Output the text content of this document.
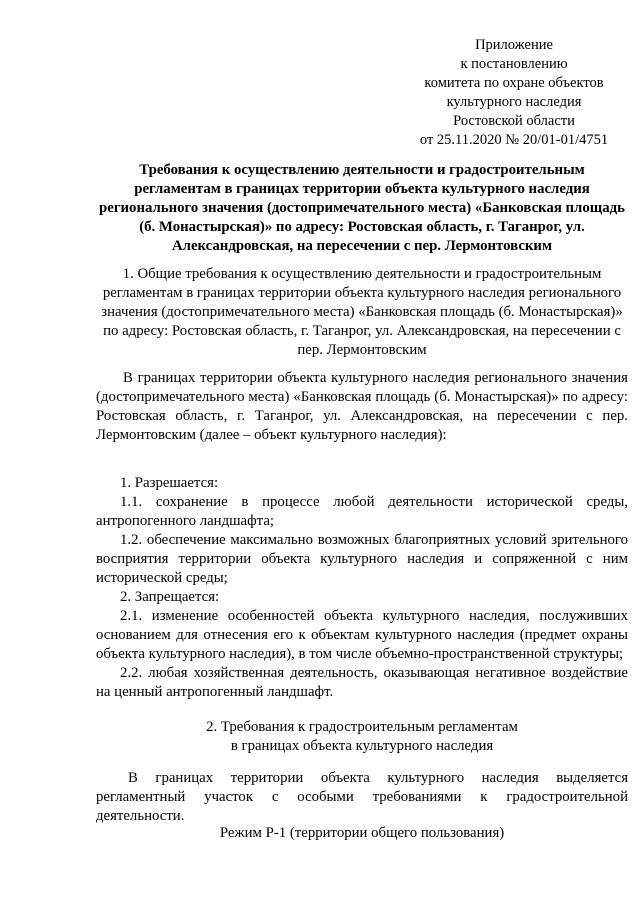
Приложение
к постановлению
комитета по охране объектов
культурного наследия
Ростовской области
от 25.11.2020 № 20/01-01/4751
Требования к осуществлению деятельности и градостроительным регламентам в границах территории объекта культурного наследия регионального значения (достопримечательного места) «Банковская площадь (б. Монастырская)» по адресу: Ростовская область, г. Таганрог, ул. Александровская, на пересечении с пер. Лермонтовским
1. Общие требования к осуществлению деятельности и градостроительным регламентам в границах территории объекта культурного наследия регионального значения (достопримечательного места) «Банковская площадь (б. Монастырская)» по адресу: Ростовская область, г. Таганрог, ул. Александровская, на пересечении с пер. Лермонтовским
В границах территории объекта культурного наследия регионального значения (достопримечательного места) «Банковская площадь (б. Монастырская)» по адресу: Ростовская область, г. Таганрог, ул. Александровская, на пересечении с пер. Лермонтовским (далее – объект культурного наследия):

1. Разрешается:

1.1. сохранение в процессе любой деятельности исторической среды, антропогенного ландшафта;

1.2. обеспечение максимально возможных благоприятных условий зрительного восприятия территории объекта культурного наследия и сопряженной с ним исторической среды;

2. Запрещается:

2.1. изменение особенностей объекта культурного наследия, послуживших основанием для отнесения его к объектам культурного наследия (предмет охраны объекта культурного наследия), в том числе объемно-пространственной структуры;

2.2. любая хозяйственная деятельность, оказывающая негативное воздействие на ценный антропогенный ландшафт.

2. Требования к градостроительным регламентам
в границах объекта культурного наследия
В границах территории объекта культурного наследия выделяется регламентный участок с особыми требованиями к градостроительной деятельности.
Режим Р-1 (территории общего пользования)
